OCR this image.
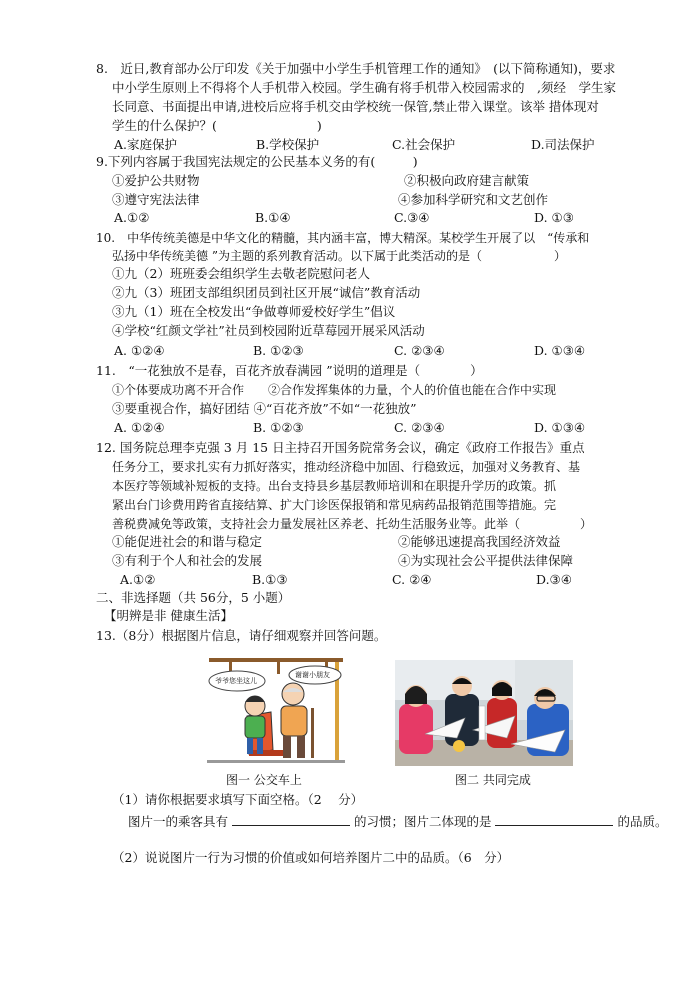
8.　近日,教育部办公厅印发《关于加强中小学生手机管理工作的通知》　(以下简称通知)，要求
中小学生原则上不得将个人手机带入校园。学生确有将手机带入校园需求的　,须经　学生家
长同意、书面提出申请,进校后应将手机交由学校统一保管,禁止带入课堂。该举 措体现对
学生的什么保护？(　　　　　　　　)
A.家庭保护	B.学校保护	C.社会保护	D.司法保护
9.下列内容属于我国宪法规定的公民基本义务的有(　　　)
①爱护公共财物	②积极向政府建言献策
③遵守宪法法律	④参加科学研究和文艺创作
A.①②	B.①④	C.③④	D. ①③
10.　中华传统美德是中华文化的精髓，其内涵丰富，博大精深。某校学生开展了以　“传承和
弘扬中华传统美德 ”为主题的系列教育活动。以下属于此类活动的是（　　　　　　）
①九（2）班班委会组织学生去敬老院慰问老人
②九（3）班团支部组织团员到社区开展“诚信”教育活动
③九（1）班在全校发出“争做尊师爱校好学生”倡议
④学校“红颜文学社”社员到校园附近草莓园开展采风活动
A. ①②④	B. ①②③	C. ②③④	D. ①③④
11.　“一花独放不是春，百花齐放春满园 ”说明的道理是（　　　　）
①个体要成功离不开合作　　②合作发挥集体的力量，个人的价值也能在合作中实现
③要重视合作，搞好团结 ④“百花齐放”不如“一花独放”
A. ①②④	B. ①②③	C. ②③④	D. ①③④
12. 国务院总理李克强 3 月 15 日主持召开国务院常务会议，确定《政府工作报告》重点
任务分工，要求扎实有力抓好落实，推动经济稳中加固、行稳致远，加强对义务教育、基
本医疗等领域补短板的支持。出台支持县乡基层教师培训和在职提升学历的政策。抓
紧出台门诊费用跨省直接结算、扩大门诊医保报销和常见病药品报销范围等措施。完
善税费减免等政策，支持社会力量发展社区养老、托幼生活服务业等。此举（　　　　　）
①能促进社会的和谐与稳定	②能够迅速提高我国经济效益
③有利于个人和社会的发展	④为实现社会公平提供法律保障
A.①②	B.①③	C. ②④	D.③④
二、非选择题（共 56分，5 小题）
【明辨是非 健康生活】
13.（8分）根据图片信息，请仔细观察并回答问题。
爷爷您坐这儿
谢谢小朋友
图一 公交车上	图二 共同完成
（1）请你根据要求填写下面空格。（2　 分）
图片一的乘客具有	的习惯；图片二体现的是	的品质。
（2）说说图片一行为习惯的价值或如何培养图片二中的品质。（6　分）
